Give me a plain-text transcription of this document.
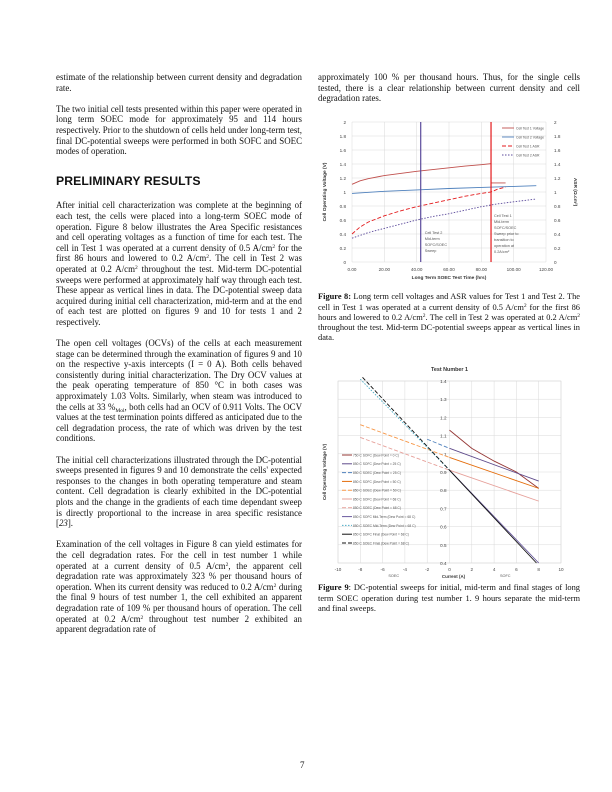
estimate of the relationship between current density and degradation rate.

The two initial cell tests presented within this paper were operated in long term SOEC mode for approximately 95 and 114 hours respectively. Prior to the shutdown of cells held under long-term test, final DC-potential sweeps were performed in both SOFC and SOEC modes of operation.

PRELIMINARY RESULTS

After initial cell characterization was complete at the beginning of each test, the cells were placed into a long-term SOEC mode of operation. Figure 8 below illustrates the Area Specific resistances and cell operating voltages as a function of time for each test. The cell in Test 1 was operated at a current density of 0.5 $A/cm^2$ for the first 86 hours and lowered to 0.2 $A/cm^2$. The cell in Test 2 was operated at 0.2 $A/cm^2$ throughout the test. Mid-term DC-potential sweeps were performed at approximately half way through each test. These appear as vertical lines in data. The DC-potential sweep data acquired during initial cell characterization, mid-term and at the end of each test are plotted on figures 9 and 10 for tests 1 and 2 respectively.

The open cell voltages (OCVs) of the cells at each measurement stage can be determined through the examination of figures 9 and 10 on the respective y-axis intercepts (I = 0 A). Both cells behaved consistently during initial characterization. The Dry OCV values at the peak operating temperature of 850 °C in both cases was approximately 1.03 Volts. Similarly, when steam was introduced to the cells at 33 $\%_{Mol}$, both cells had an OCV of 0.911 Volts. The OCV values at the test termination points differed as anticipated due to the cell degradation process, the rate of which was driven by the test conditions.

The initial cell characterizations illustrated through the DC-potential sweeps presented in figures 9 and 10 demonstrate the cells' expected responses to the changes in both operating temperature and steam content. Cell degradation is clearly exhibited in the DC-potential plots and the change in the gradients of each time dependant sweep is directly proportional to the increase in area specific resistance [23].

Examination of the cell voltages in Figure 8 can yield estimates for the cell degradation rates. For the cell in test number 1 while operated at a current density of 0.5 $A/cm^2$, the apparent cell degradation rate was approximately 323 % per thousand hours of operation. When its current density was reduced to 0.2 $A/cm^2$ during the final 9 hours of test number 1, the cell exhibited an apparent degradation rate of 109 % per thousand hours of operation. The cell operated at 0.2 $A/cm^2$ throughout test number 2 exhibited an apparent degradation rate of

approximately 100 % per thousand hours. Thus, for the single cells tested, there is a clear relationship between current density and cell degradation rates.

0
0.2
0.4
0.6
0.8
1
1.2
1.4
1.6
1.8
2
0
0.2
0.4
0.6
0.8
1
1.2
1.4
1.6
1.8
2
0.00	20.00	40.00	60.00	80.00	100.00	120.00
Long Term SOEC Test Time (hrs)
Cell Operating Voltage (V)	ASR (Ω.cm²)
Cell Test 1 Voltage
Cell Test 2 Voltage
Cell Test 1 ASR
Cell Test 2 ASR
Cell Test 2
Mid-term
SOFC/SOEC
Sweep
Cell Test 1
Mid-term
SOFC/SOEC
Sweep prior to
transition to
operation at
0.2A/cm²

Figure 8: Long term cell voltages and ASR values for Test 1 and Test 2. The cell in Test 1 was operated at a current density of 0.5 $A/cm^2$ for the first 86 hours and lowered to 0.2 $A/cm^2$. The cell in Test 2 was operated at 0.2 $A/cm^2$ throughout the test. Mid-term DC-potential sweeps appear as vertical lines in data.

Test Number 1
0.4
0.5
0.6
0.7
0.8
0.9
1
1.1
1.2
1.3
1.4
-10	-8	-6	-4	-2	0	2	4	6	8	10
Current (A)
SOEC	SOFC
Cell Operating Voltage (V)	750 C SOFC (Dew Point = 0 C)
850 C SOFC (Dew Point = 25 C)
850 C SOEC (Dew Point = 25 C)
850 C SOFC (Dew Point = 50 C)
850 C SOEC (Dew Point = 50 C)
850 C SOFC (Dew Point = 68 C)
850 C SOEC (Dew Point = 68 C)
850 C SOFC Mid-Term (Dew Point = 68 C)
850 C SOEC Mid-Term (Dew Point = 68 C)
850 C SOFC Final (Dew Point = 68 C)
850 C SOEC Final (Dew Point = 68 C)

Figure 9: DC-potential sweeps for initial, mid-term and final stages of long term SOEC operation during test number 1. 9 hours separate the mid-term and final sweeps.

7
